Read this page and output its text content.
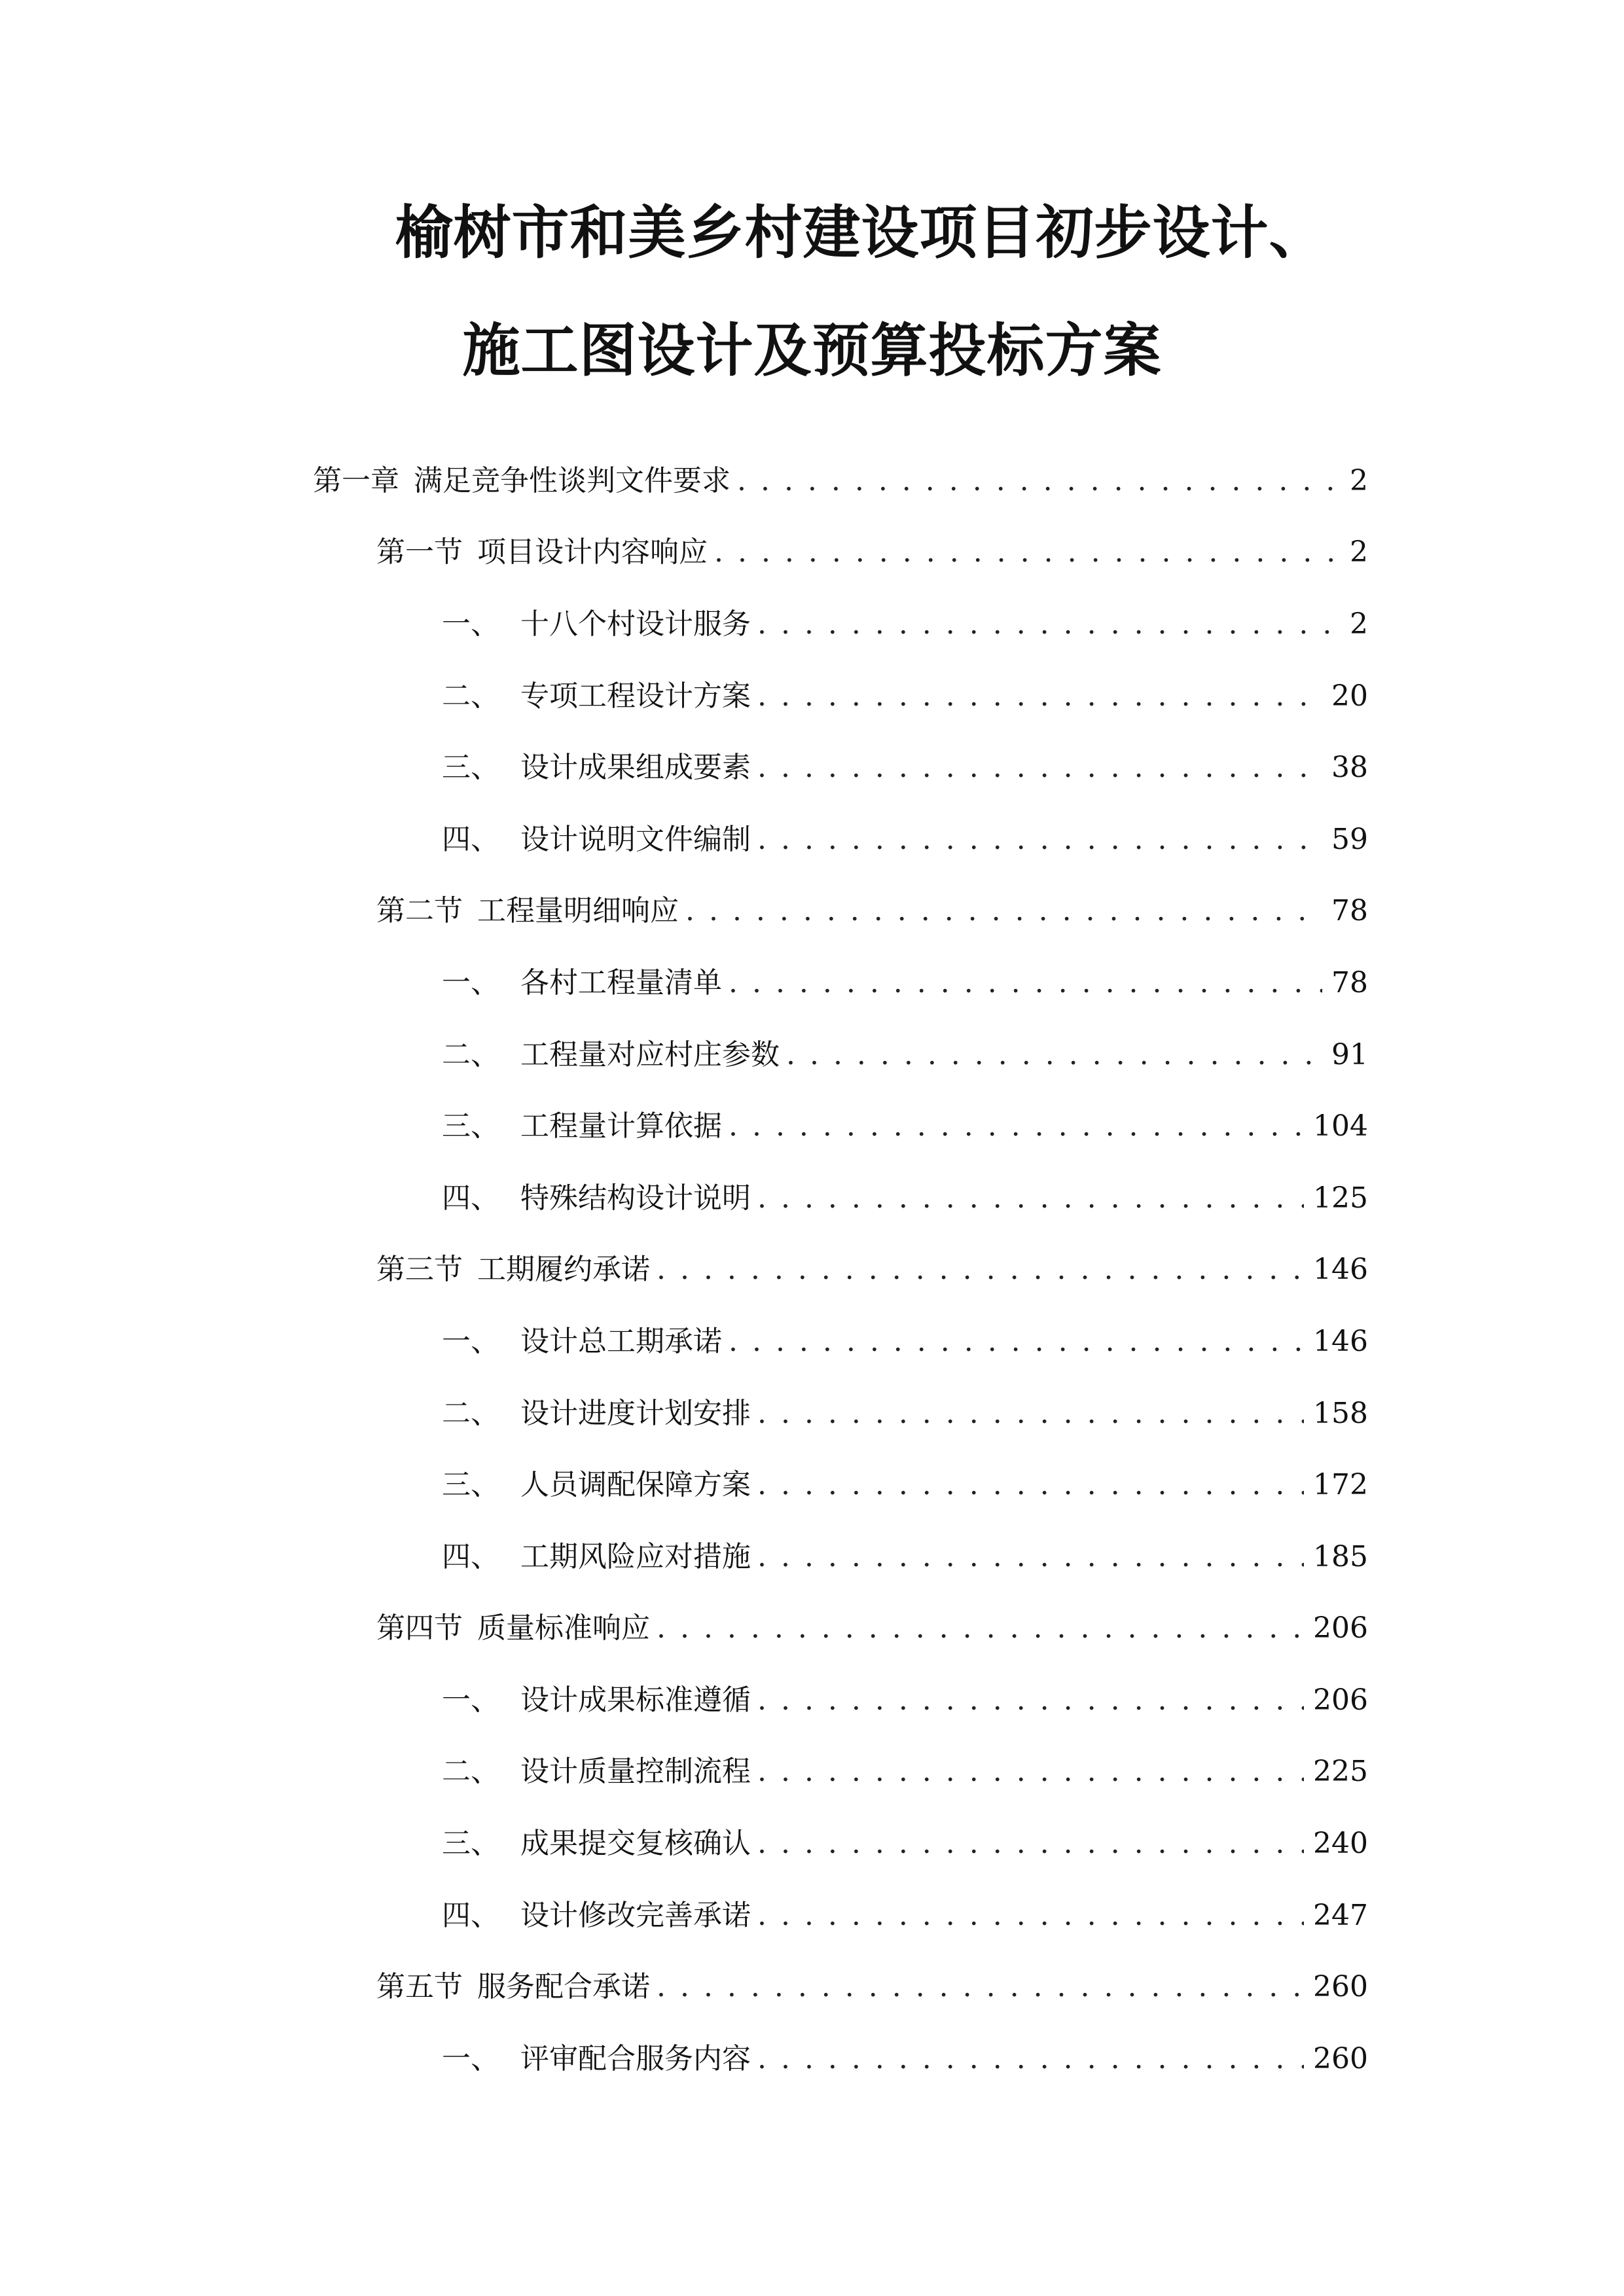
榆树市和美乡村建设项目初步设计、
施工图设计及预算投标方案
第一章 满足竞争性谈判文件要求 . . .	2
第一节 项目设计内容响应 . . .	2
一、 十八个村设计服务 . . .	2
二、 专项工程设计方案 . . .	20
三、 设计成果组成要素 . . .	38
四、 设计说明文件编制 . . .	59
第二节 工程量明细响应 . . .	78
一、 各村工程量清单 . . .	78
二、 工程量对应村庄参数 . . .	91
三、 工程量计算依据 . . .	104
四、 特殊结构设计说明 . . .	125
第三节 工期履约承诺 . . .	146
一、 设计总工期承诺 . . .	146
二、 设计进度计划安排 . . .	158
三、 人员调配保障方案 . . .	172
四、 工期风险应对措施 . . .	185
第四节 质量标准响应 . . .	206
一、 设计成果标准遵循 . . .	206
二、 设计质量控制流程 . . .	225
三、 成果提交复核确认 . . .	240
四、 设计修改完善承诺 . . .	247
第五节 服务配合承诺 . . .	260
一、 评审配合服务内容 . . .	260
